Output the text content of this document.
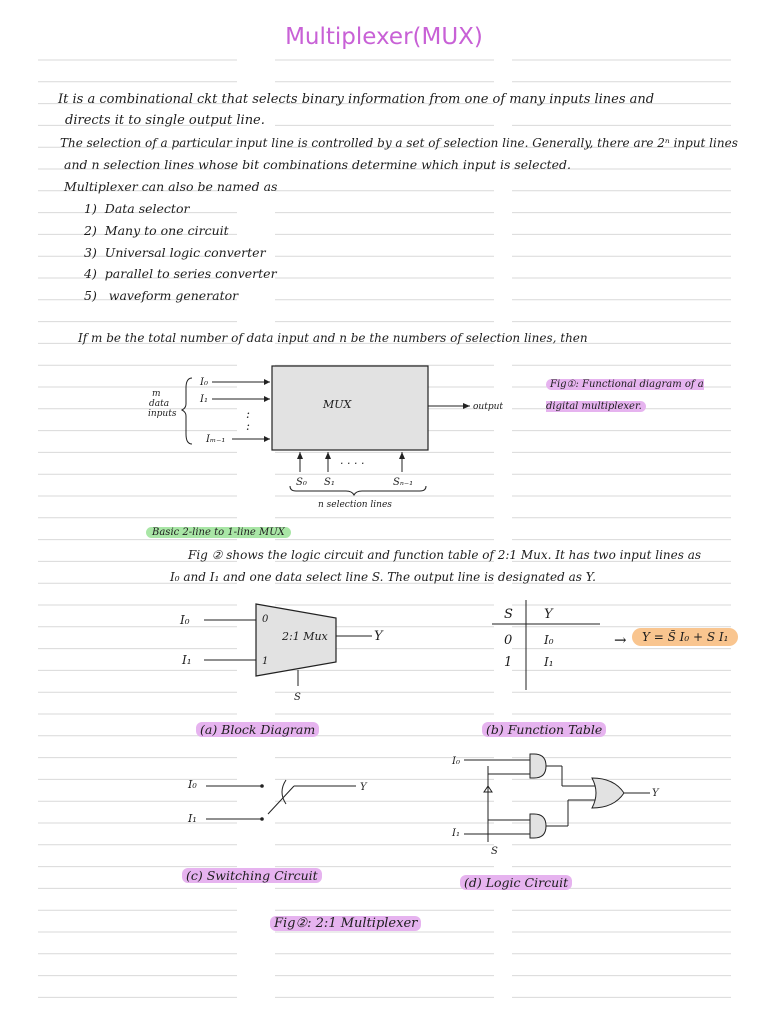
Multiplexer(MUX)
It is a combinational ckt that selects binary information from one of many inputs lines and
directs it to single output line.
The selection of a particular input line is controlled by a set of selection line. Generally, there are 2ⁿ input lines
and n selection lines whose bit combinations determine which input is selected.
Multiplexer can also be named as
1) Data selector
2) Many to one circuit
3) Universal logic converter
4) parallel to series converter
5) waveform generator
If m be the total number of data input and n be the numbers of selection lines, then
MUX
m
data
inputs
I₀
I₁
Iₘ₋₁
:
:
output
. . . .
S₀ S₁	Sₙ₋₁
n selection lines
Fig①: Functional diagram of a digital multiplexer.
Basic 2-line to 1-line MUX
Fig ② shows the logic circuit and function table of 2:1 Mux. It has two input lines as
I₀ and I₁ and one data select line S. The output line is designated as Y.
I₀
I₁
0
1
2:1 Mux	Y
S
(a) Block Diagram
S Y
0	I₀
1	I₁
→	Y = S̄ I₀ + S I₁
(b) Function Table
I₀
I₁
Y
(c) Switching Circuit
I₀
I₁
S
Y
(d) Logic Circuit
Fig②: 2:1 Multiplexer
